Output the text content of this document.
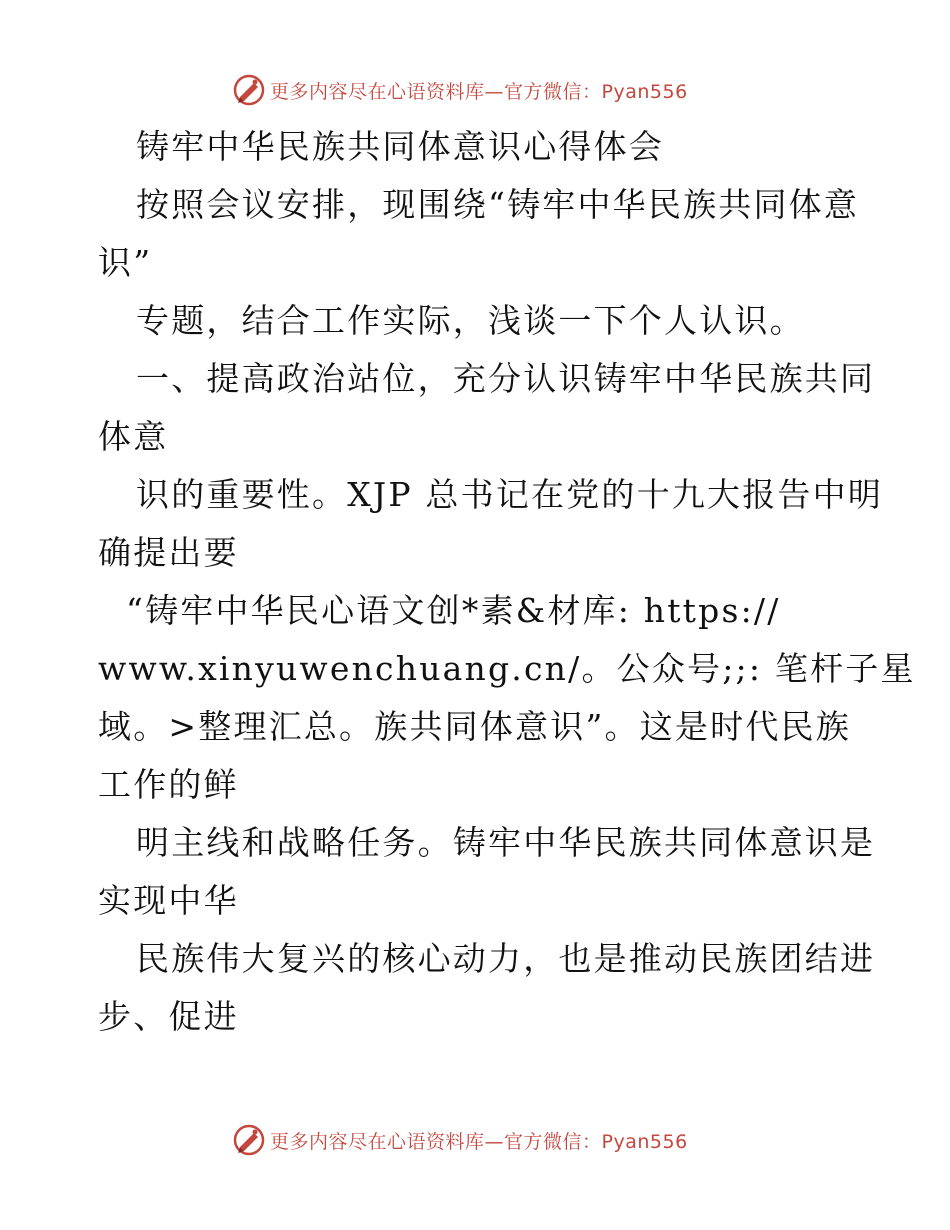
更多内容尽在心语资料库—官方微信：Pyan556
铸牢中华民族共同体意识心得体会
按照会议安排，现围绕“铸牢中华民族共同体意
识”
专题，结合工作实际，浅谈一下个人认识。
一、提高政治站位，充分认识铸牢中华民族共同
体意
识的重要性。XJP 总书记在党的十九大报告中明
确提出要
“铸牢中华民心语文创*素&材库: https://
www.xinyuwenchuang.cn/。公众号;;: 笔杆子星
域。>整理汇总。族共同体意识”。这是时代民族
工作的鲜
明主线和战略任务。铸牢中华民族共同体意识是
实现中华
民族伟大复兴的核心动力，也是推动民族团结进
步、促进
更多内容尽在心语资料库—官方微信：Pyan556
